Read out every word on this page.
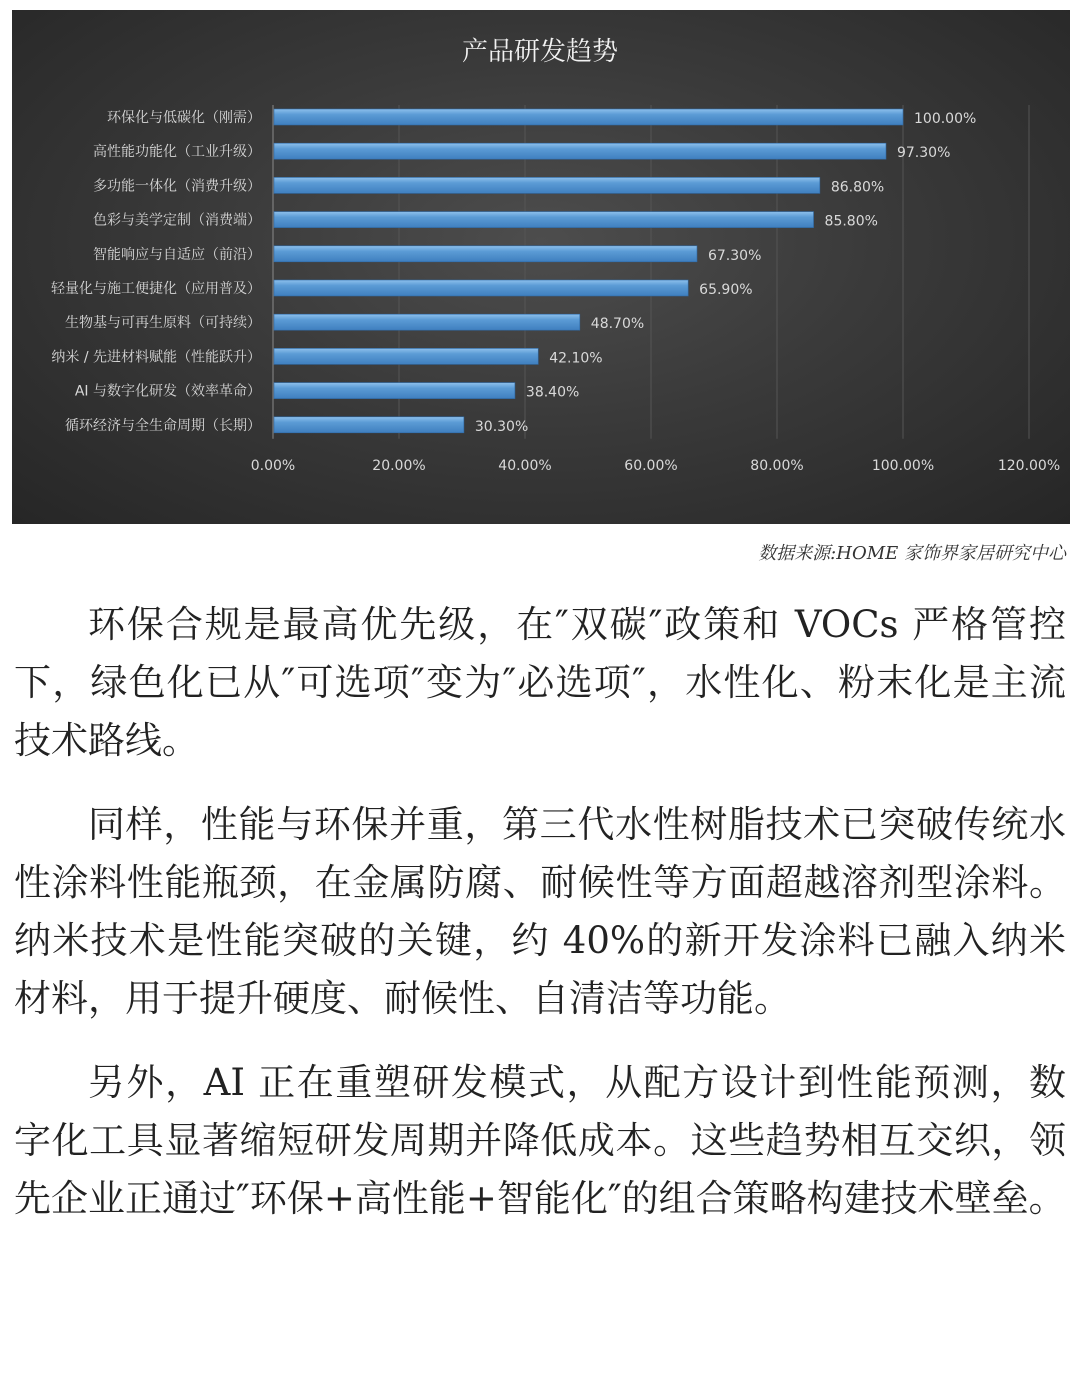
产品研发趋势
环保化与低碳化（刚需）	100.00%
高性能功能化（工业升级）	97.30%
多功能一体化（消费升级）	86.80%
色彩与美学定制（消费端）	85.80%
智能响应与自适应（前沿）	67.30%
轻量化与施工便捷化（应用普及）	65.90%
生物基与可再生原料（可持续）	48.70%
纳米 / 先进材料赋能（性能跃升）	42.10%
AI 与数字化研发（效率革命）	38.40%
循环经济与全生命周期（长期）	30.30%
0.00%	20.00%	40.00%	60.00%	80.00%	100.00%	120.00%
数据来源:HOME 家饰界家居研究中心

环保合规是最高优先级，在″双碳″政策和 VOCs 严格管控下，绿色化已从″可选项″变为″必选项″，水性化、粉末化是主流技术路线。

同样，性能与环保并重，第三代水性树脂技术已突破传统水性涂料性能瓶颈，在金属防腐、耐候性等方面超越溶剂型涂料。纳米技术是性能突破的关键，约 40%的新开发涂料已融入纳米材料，用于提升硬度、耐候性、自清洁等功能。

另外，AI 正在重塑研发模式，从配方设计到性能预测，数字化工具显著缩短研发周期并降低成本。这些趋势相互交织，领先企业正通过″环保+高性能+智能化″的组合策略构建技术壁垒。
